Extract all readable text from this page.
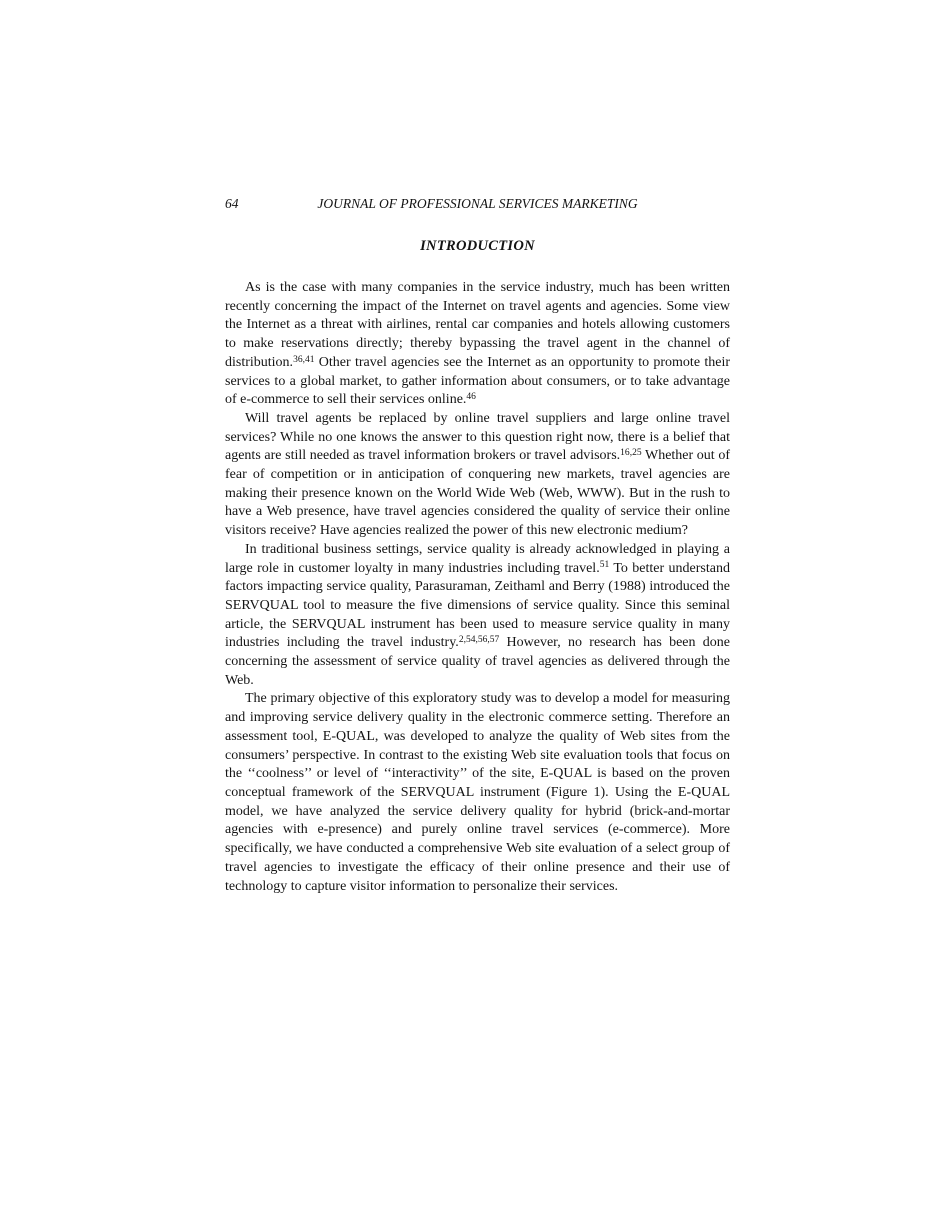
64	JOURNAL OF PROFESSIONAL SERVICES MARKETING
INTRODUCTION

As is the case with many companies in the service industry, much has been written recently concerning the impact of the Internet on travel agents and agencies. Some view the Internet as a threat with airlines, rental car companies and hotels allowing customers to make reservations directly; thereby bypassing the travel agent in the channel of distribution.$^{36,41}$ Other travel agencies see the Internet as an opportunity to promote their services to a global market, to gather information about consumers, or to take advantage of e-commerce to sell their services online.$^{46}$

Will travel agents be replaced by online travel suppliers and large online travel services? While no one knows the answer to this question right now, there is a belief that agents are still needed as travel information brokers or travel advisors.$^{16,25}$ Whether out of fear of competition or in anticipation of conquering new markets, travel agencies are making their presence known on the World Wide Web (Web, WWW). But in the rush to have a Web presence, have travel agencies considered the quality of service their online visitors receive? Have agencies realized the power of this new electronic medium?

In traditional business settings, service quality is already acknowledged in playing a large role in customer loyalty in many industries including travel.$^{51}$ To better understand factors impacting service quality, Parasuraman, Zeithaml and Berry (1988) introduced the SERVQUAL tool to measure the five dimensions of service quality. Since this seminal article, the SERVQUAL instrument has been used to measure service quality in many industries including the travel industry.$^{2,54,56,57}$ However, no research has been done concerning the assessment of service quality of travel agencies as delivered through the Web.

The primary objective of this exploratory study was to develop a model for measuring and improving service delivery quality in the electronic commerce setting. Therefore an assessment tool, E-QUAL, was developed to analyze the quality of Web sites from the consumers’ perspective. In contrast to the existing Web site evaluation tools that focus on the ‘‘coolness’’ or level of ‘‘interactivity’’ of the site, E-QUAL is based on the proven conceptual framework of the SERVQUAL instrument (Figure 1). Using the E-QUAL model, we have analyzed the service delivery quality for hybrid (brick-and-mortar agencies with e-presence) and purely online travel services (e-commerce). More specifically, we have conducted a comprehensive Web site evaluation of a select group of travel agencies to investigate the efficacy of their online presence and their use of technology to capture visitor information to personalize their services.
